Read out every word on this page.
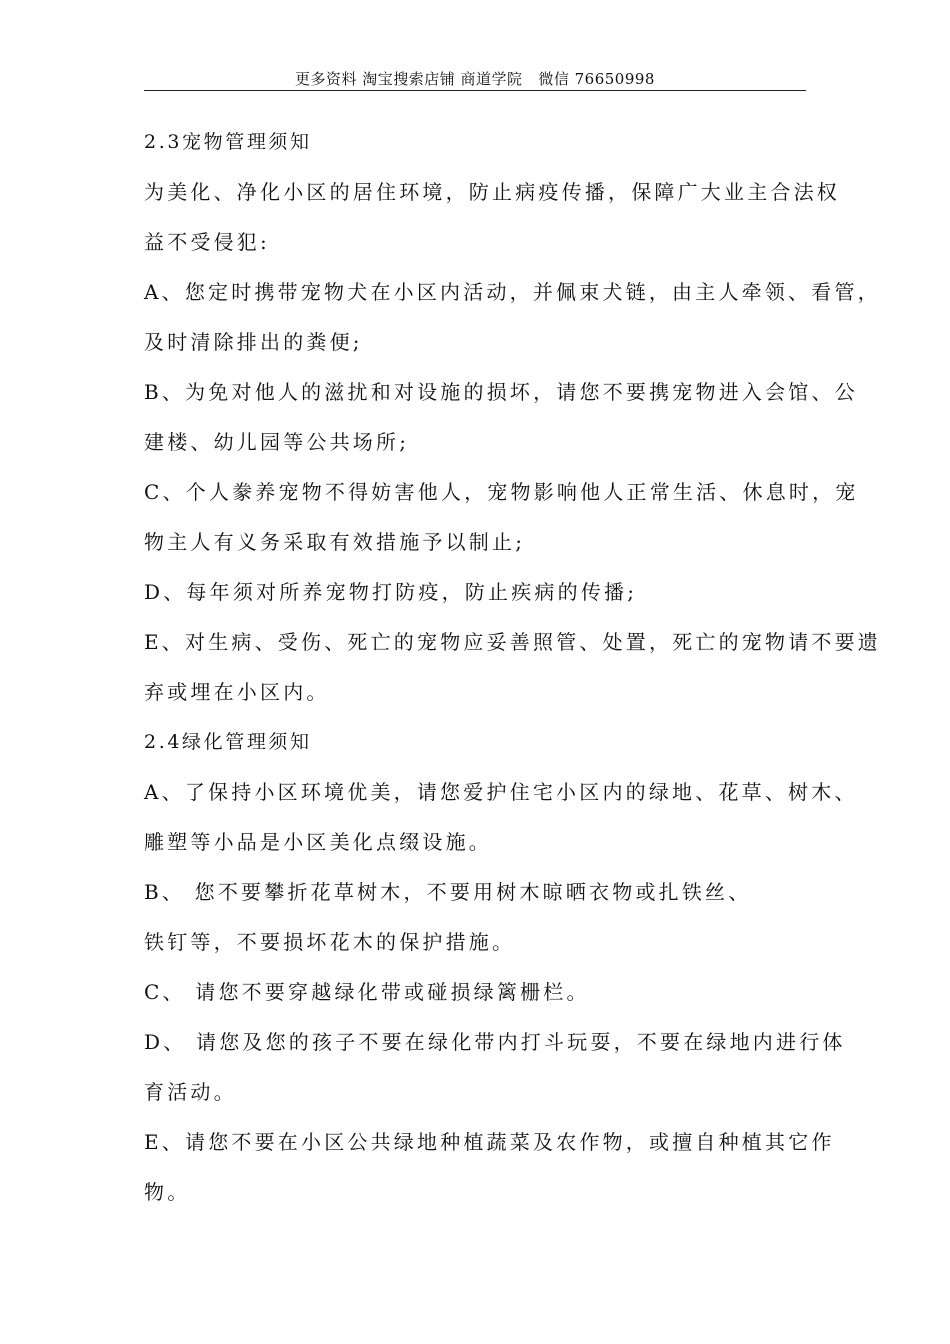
更多资料 淘宝搜索店铺 商道学院   微信 76650998
2.3宠物管理须知
为美化、净化小区的居住环境，防止病疫传播，保障广大业主合法权
益不受侵犯:
A、您定时携带宠物犬在小区内活动，并佩束犬链，由主人牵领、看管，
及时清除排出的粪便;
B、为免对他人的滋扰和对设施的损坏，请您不要携宠物进入会馆、公
建楼、幼儿园等公共场所;
C、个人豢养宠物不得妨害他人，宠物影响他人正常生活、休息时，宠
物主人有义务采取有效措施予以制止;
D、每年须对所养宠物打防疫，防止疾病的传播;
E、对生病、受伤、死亡的宠物应妥善照管、处置，死亡的宠物请不要遗
弃或埋在小区内。
2.4绿化管理须知
A、了保持小区环境优美，请您爱护住宅小区内的绿地、花草、树木、
雕塑等小品是小区美化点缀设施。
B、 您不要攀折花草树木，不要用树木晾晒衣物或扎铁丝、
铁钉等，不要损坏花木的保护措施。
C、 请您不要穿越绿化带或碰损绿篱栅栏。
D、 请您及您的孩子不要在绿化带内打斗玩耍，不要在绿地内进行体
育活动。
E、请您不要在小区公共绿地种植蔬菜及农作物，或擅自种植其它作
物。
